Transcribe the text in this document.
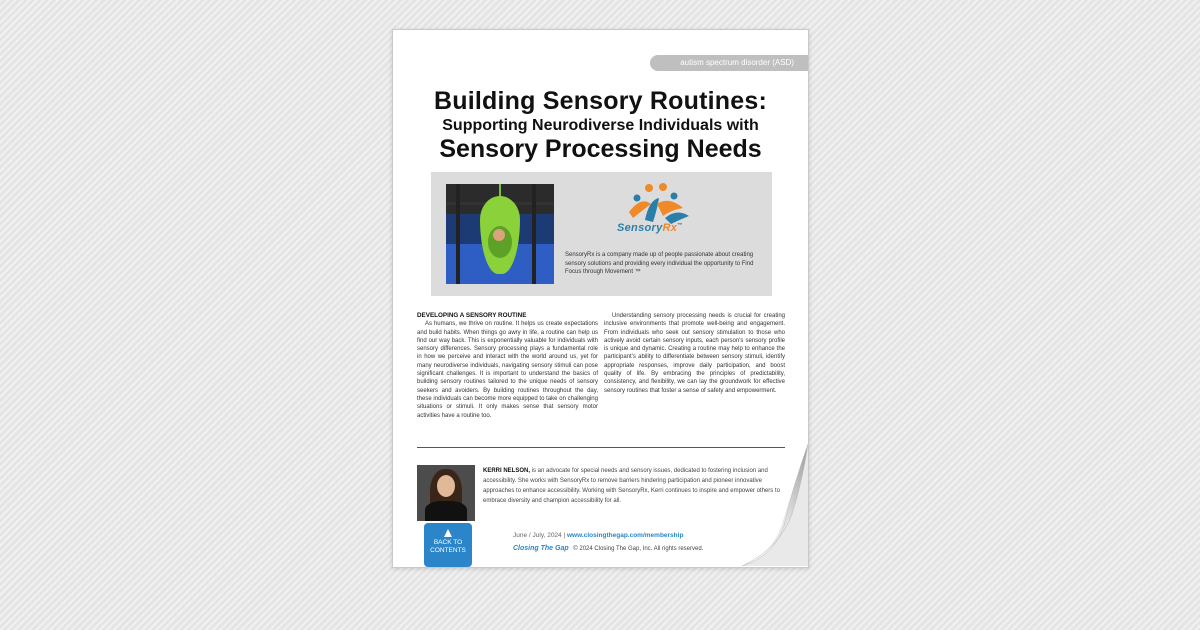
autism spectrum disorder (ASD)
Building Sensory Routines:
Supporting Neurodiverse Individuals with
Sensory Processing Needs
SensoryRx™
SensoryRx is a company made up of people passionate about creating sensory solutions and providing every individual the opportunity to Find Focus through Movement ™
DEVELOPING A SENSORY ROUTINE

As humans, we thrive on routine. It helps us create expectations and build habits. When things go awry in life, a routine can help us find our way back. This is exponentially valuable for individuals with sensory differences. Sensory processing plays a fundamental role in how we perceive and interact with the world around us, yet for many neurodiverse individuals, navigating sensory stimuli can pose significant challenges. It is important to understand the basics of building sensory routines tailored to the unique needs of sensory seekers and avoiders. By building routines throughout the day, these individuals can become more equipped to take on challenging situations or stimuli. It only makes sense that sensory motor activities have a routine too.

Understanding sensory processing needs is crucial for creating inclusive environments that promote well-being and engagement. From individuals who seek out sensory stimulation to those who actively avoid certain sensory inputs, each person's sensory profile is unique and dynamic. Creating a routine may help to enhance the participant's ability to differentiate between sensory stimuli, identify appropriate responses, improve daily participation, and boost quality of life. By embracing the principles of predictability, consistency, and flexibility, we can lay the groundwork for effective sensory routines that foster a sense of safety and empowerment.

KERRI NELSON, is an advocate for special needs and sensory issues, dedicated to fostering inclusion and accessibility. She works with SensoryRx to remove barriers hindering participation and pioneer innovative approaches to enhance accessibility. Working with SensoryRx, Kerri continues to inspire and empower others to embrace diversity and champion accessibility for all.
BACK TO
CONTENTS
June / July, 2024 | www.closingthegap.com/membership
Closing The Gap © 2024 Closing The Gap, Inc. All rights reserved.
